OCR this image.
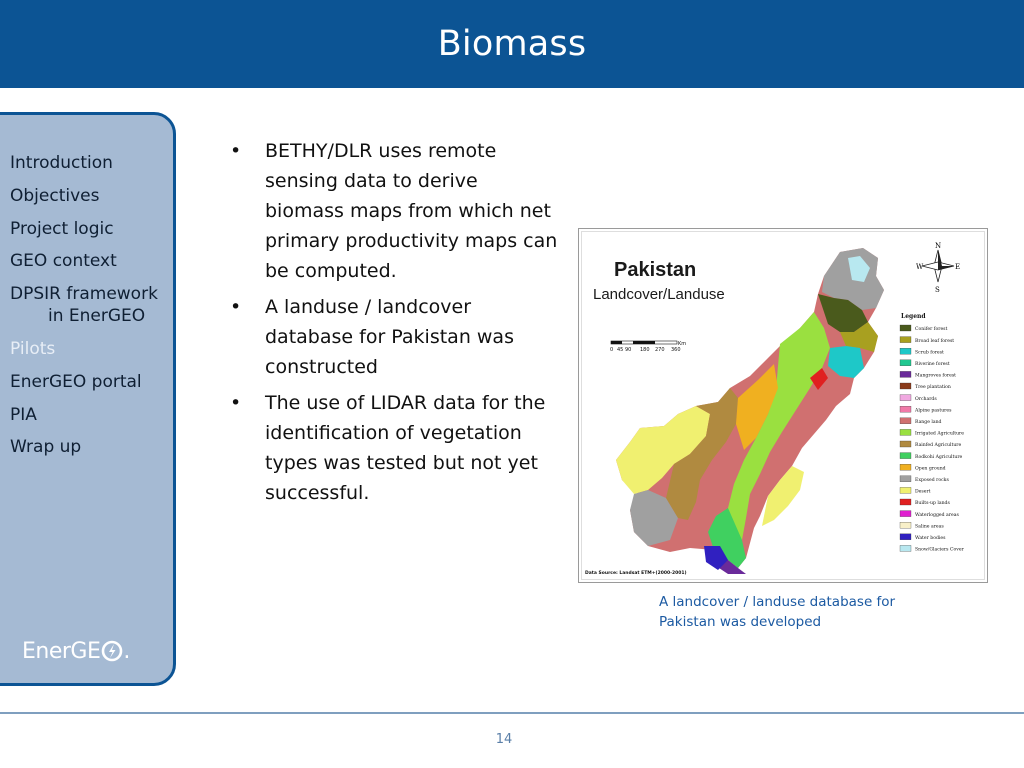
Biomass
Introduction
Objectives
Project logic
GEO context
DPSIR framework
in EnerGEO
Pilots
EnerGEO portal
PIA
Wrap up
EnerGE .
• BETHY/DLR uses remote sensing data to derive biomass maps from which net primary productivity maps can be computed.
• A landuse / landcover database for Pakistan was constructed
• The use of LIDAR data for the identification of vegetation types was tested but not yet successful.
Pakistan
Landcover/Landuse
N
S
E
W
0 45 90 180 270 360
Km
Legend
Conifer forest
Broad leaf forest
Scrub forest
Riverine forest
Mangroves forest
Tree plantation
Orchards
Alpine pastures
Range land
Irrigated Agriculture
Rainfed Agriculture
Rodkohi Agriculture
Open ground
Exposed rocks
Desert
Builts-up lands
Waterlogged areas
Saline areas
Water bodies
Snow/Glaciers Cover
Data Source: Landsat ETM+(2000-2001)
A landcover / landuse database for Pakistan was developed
14
